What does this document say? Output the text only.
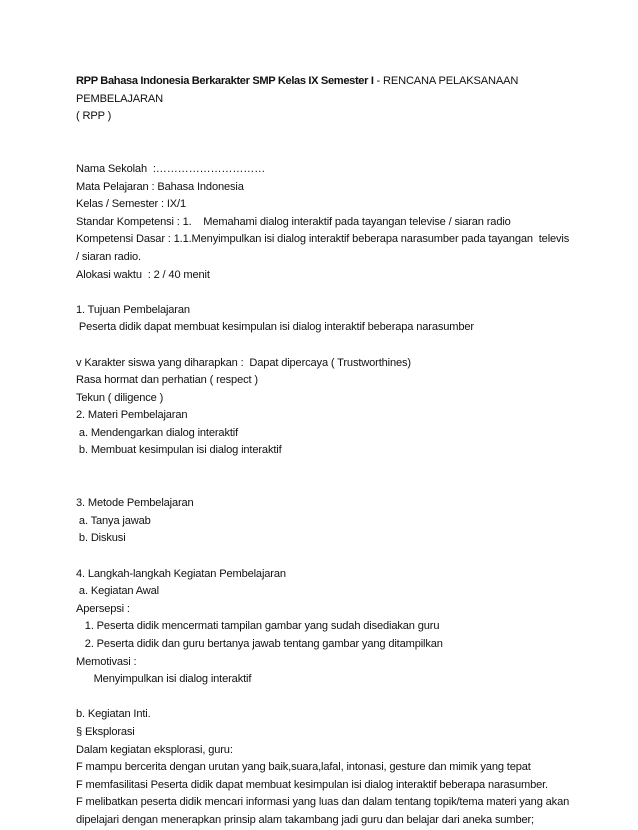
RPP Bahasa Indonesia Berkarakter SMP Kelas IX Semester I - RENCANA PELAKSANAAN PEMBELAJARAN
( RPP )
Nama Sekolah  :…………………………
Mata Pelajaran : Bahasa Indonesia
Kelas / Semester : IX/1
Standar Kompetensi : 1.    Memahami dialog interaktif pada tayangan televise / siaran radio
Kompetensi Dasar : 1.1.Menyimpulkan isi dialog interaktif beberapa narasumber pada tayangan  televis
/ siaran radio.
Alokasi waktu  : 2 / 40 menit
1. Tujuan Pembelajaran
Peserta didik dapat membuat kesimpulan isi dialog interaktif beberapa narasumber
v Karakter siswa yang diharapkan :  Dapat dipercaya ( Trustworthines)
Rasa hormat dan perhatian ( respect )
Tekun ( diligence )
2. Materi Pembelajaran
a. Mendengarkan dialog interaktif
b. Membuat kesimpulan isi dialog interaktif
3. Metode Pembelajaran
a. Tanya jawab
b. Diskusi
4. Langkah-langkah Kegiatan Pembelajaran
a. Kegiatan Awal
Apersepsi :
1. Peserta didik mencermati tampilan gambar yang sudah disediakan guru
2. Peserta didik dan guru bertanya jawab tentang gambar yang ditampilkan
Memotivasi :
Menyimpulkan isi dialog interaktif
b. Kegiatan Inti.
§ Eksplorasi
Dalam kegiatan eksplorasi, guru:
F mampu bercerita dengan urutan yang baik,suara,lafal, intonasi, gesture dan mimik yang tepat
F memfasilitasi Peserta didik dapat membuat kesimpulan isi dialog interaktif beberapa narasumber.
F melibatkan peserta didik mencari informasi yang luas dan dalam tentang topik/tema materi yang akan
dipelajari dengan menerapkan prinsip alam takambang jadi guru dan belajar dari aneka sumber;
